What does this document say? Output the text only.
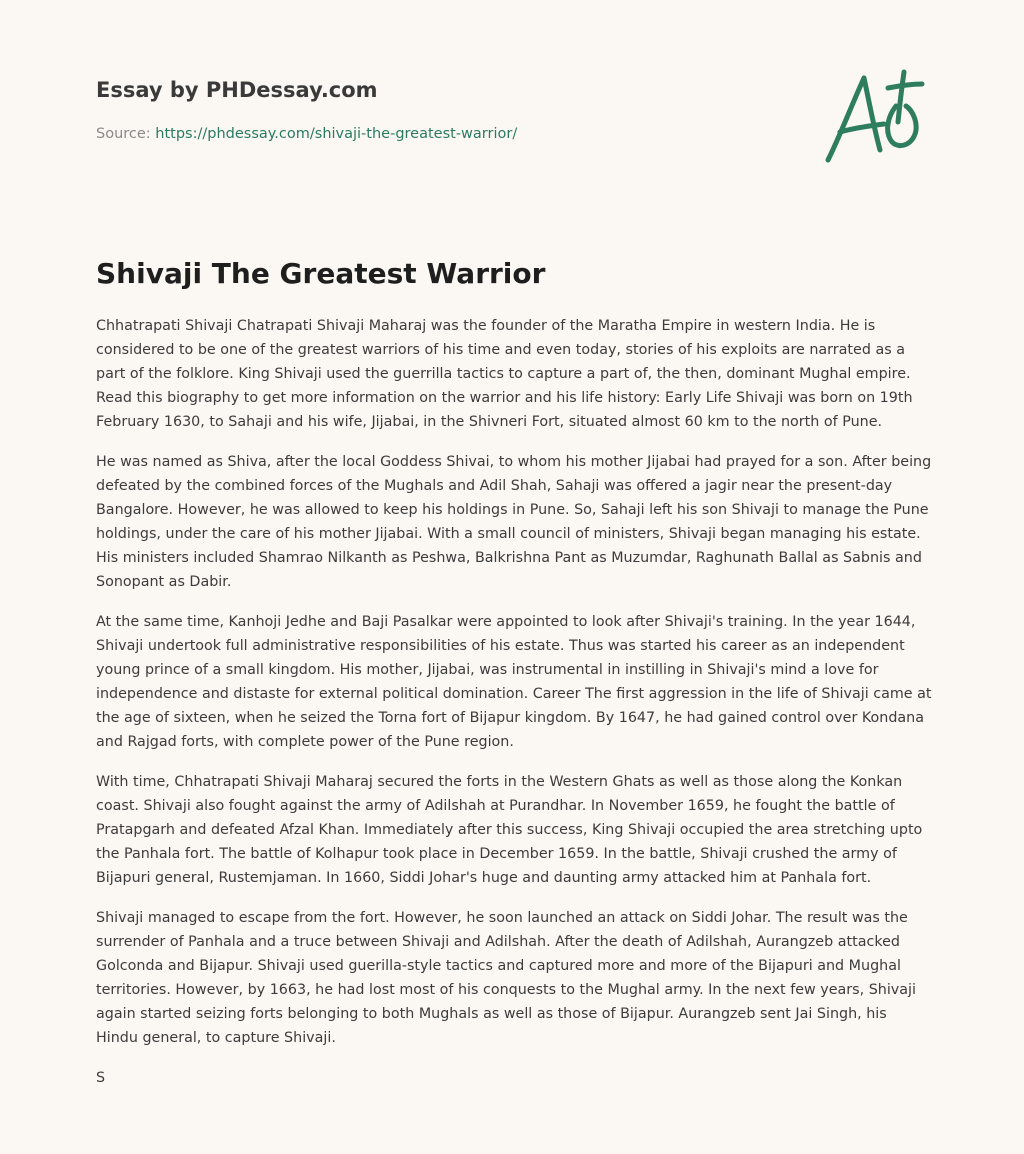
Essay by PHDessay.com
Source: https://phdessay.com/shivaji-the-greatest-warrior/
Shivaji The Greatest Warrior

Chhatrapati Shivaji Chatrapati Shivaji Maharaj was the founder of the Maratha Empire in western India. He is considered to be one of the greatest warriors of his time and even today, stories of his exploits are narrated as a part of the folklore. King Shivaji used the guerrilla tactics to capture a part of, the then, dominant Mughal empire. Read this biography to get more information on the warrior and his life history: Early Life Shivaji was born on 19th February 1630, to Sahaji and his wife, Jijabai, in the Shivneri Fort, situated almost 60 km to the north of Pune.

He was named as Shiva, after the local Goddess Shivai, to whom his mother Jijabai had prayed for a son. After being defeated by the combined forces of the Mughals and Adil Shah, Sahaji was offered a jagir near the present-day Bangalore. However, he was allowed to keep his holdings in Pune. So, Sahaji left his son Shivaji to manage the Pune holdings, under the care of his mother Jijabai. With a small council of ministers, Shivaji began managing his estate. His ministers included Shamrao Nilkanth as Peshwa, Balkrishna Pant as Muzumdar, Raghunath Ballal as Sabnis and Sonopant as Dabir.

At the same time, Kanhoji Jedhe and Baji Pasalkar were appointed to look after Shivaji's training. In the year 1644, Shivaji undertook full administrative responsibilities of his estate. Thus was started his career as an independent young prince of a small kingdom. His mother, Jijabai, was instrumental in instilling in Shivaji's mind a love for independence and distaste for external political domination. Career The first aggression in the life of Shivaji came at the age of sixteen, when he seized the Torna fort of Bijapur kingdom. By 1647, he had gained control over Kondana and Rajgad forts, with complete power of the Pune region.

With time, Chhatrapati Shivaji Maharaj secured the forts in the Western Ghats as well as those along the Konkan coast. Shivaji also fought against the army of Adilshah at Purandhar. In November 1659, he fought the battle of Pratapgarh and defeated Afzal Khan. Immediately after this success, King Shivaji occupied the area stretching upto the Panhala fort. The battle of Kolhapur took place in December 1659. In the battle, Shivaji crushed the army of Bijapuri general, Rustemjaman. In 1660, Siddi Johar's huge and daunting army attacked him at Panhala fort.

Shivaji managed to escape from the fort. However, he soon launched an attack on Siddi Johar. The result was the surrender of Panhala and a truce between Shivaji and Adilshah. After the death of Adilshah, Aurangzeb attacked Golconda and Bijapur. Shivaji used guerilla-style tactics and captured more and more of the Bijapuri and Mughal territories. However, by 1663, he had lost most of his conquests to the Mughal army. In the next few years, Shivaji again started seizing forts belonging to both Mughals as well as those of Bijapur. Aurangzeb sent Jai Singh, his Hindu general, to capture Shivaji.

S
